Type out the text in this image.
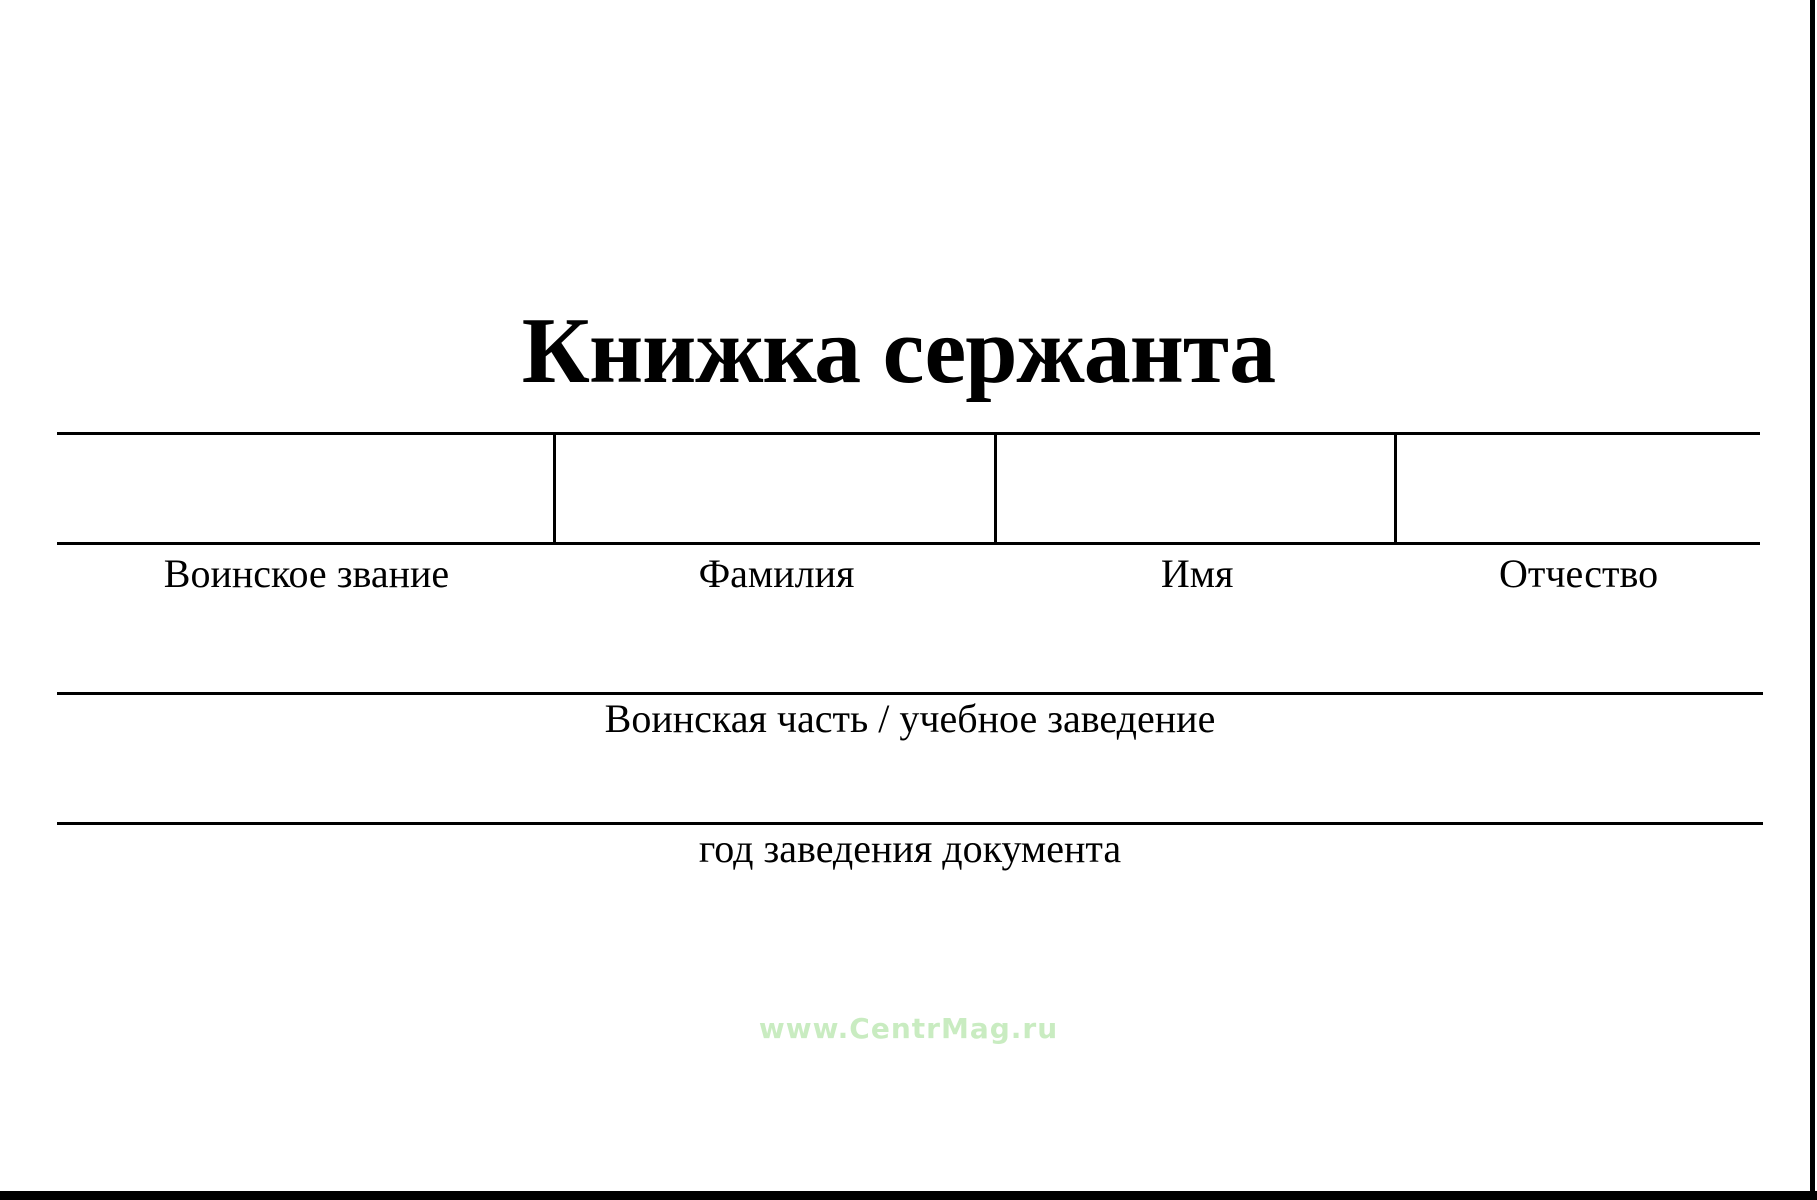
Книжка сержанта
Воинское звание	Фамилия	Имя	Отчество
Воинская часть / учебное заведение
год заведения документа
www.CentrMag.ru
